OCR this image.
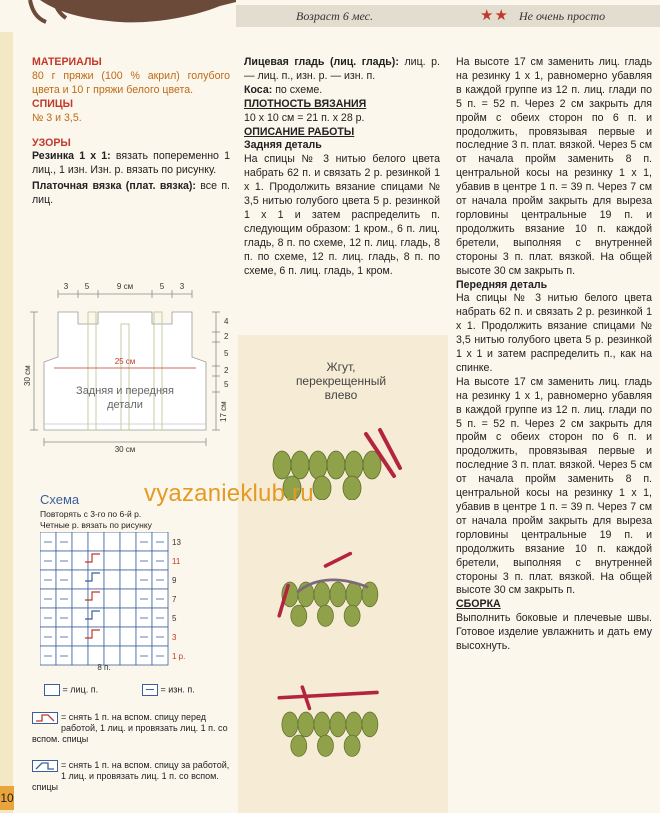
Возраст 6 мес.	★★ Не очень просто
10

МАТЕРИАЛЫ

80 г пряжи (100 % акрил) голубого цвета и 10 г пряжи белого цвета.

СПИЦЫ

№ 3 и 3,5.

УЗОРЫ

Резинка 1 х 1: вязать попеременно 1 лиц., 1 изн. Изн. р. вязать по рисунку.

Платочная вязка (плат. вязка): все п. лиц.

Лицевая гладь (лиц. гладь): лиц. р. — лиц. п., изн. р. — изн. п.

Коса: по схеме.

ПЛОТНОСТЬ ВЯЗАНИЯ

10 х 10 см = 21 п. х 28 р.

ОПИСАНИЕ РАБОТЫ

Задняя деталь

На спицы № 3 нитью белого цвета набрать 62 п. и связать 2 р. резинкой 1 х 1. Продолжить вязание спицами № 3,5 нитью голубого цвета 5 р. резинкой 1 х 1 и затем распределить п. следующим образом: 1 кром., 6 п. лиц. гладь, 8 п. по схеме, 12 п. лиц. гладь, 8 п. по схеме, 12 п. лиц. гладь, 8 п. по схеме, 6 п. лиц. гладь, 1 кром.

На высоте 17 см заменить лиц. гладь на резинку 1 х 1, равномерно убавляя в каждой группе из 12 п. лиц. глади по 5 п. = 52 п. Через 2 см закрыть для пройм с обеих сторон по 6 п. и продолжить, провязывая первые и последние 3 п. плат. вязкой. Через 5 см от начала пройм заменить 8 п. центральной косы на резинку 1 х 1, убавив в центре 1 п. = 39 п. Через 7 см от начала пройм закрыть для выреза горловины центральные 19 п. и продолжить вязание 10 п. каждой бретели, выполняя с внутренней стороны 3 п. плат. вязкой. На общей высоте 30 см закрыть п.

Передняя деталь

На спицы № 3 нитью белого цвета набрать 62 п. и связать 2 р. резинкой 1 х 1. Продолжить вязание спицами № 3,5 нитью голубого цвета 5 р. резинкой 1 х 1 и затем распределить п., как на спинке.

На высоте 17 см заменить лиц. гладь на резинку 1 х 1, равномерно убавляя в каждой группе из 12 п. лиц. глади по 5 п. = 52 п. Через 2 см закрыть для пройм с обеих сторон по 6 п. и продолжить, провязывая первые и последние 3 п. плат. вязкой. Через 5 см от начала пройм заменить 8 п. центральной косы на резинку 1 х 1, убавив в центре 1 п. = 39 п. Через 7 см от начала пройм закрыть для выреза горловины центральные 19 п. и продолжить вязание 10 п. каждой бретели, выполняя с внутренней стороны 3 п. плат. вязкой. На общей высоте 30 см закрыть п.

СБОРКА

Выполнить боковые и плечевые швы. Готовое изделие увлажнить и дать ему высохнуть.

3 5	9 см	5 3
4
2
5
2
5
17 см
30 см
25 см
30 см
Задняя и передняя
детали
Схема
Повторять с 3-го по 6-й р.
Четные р. вязать по рисунку
13
11
9
7
5
3
1 р.
8 п.
= лиц. п.	= изн. п.
= снять 1 п. на вспом. спицу перед работой, 1 лиц. и провязать лиц. 1 п. со вспом. спицы
= снять 1 п. на вспом. спицу за работой, 1 лиц. и провязать лиц. 1 п. со вспом. спицы
Жгут, перекрещенный влево
vyazanieklub.ru
